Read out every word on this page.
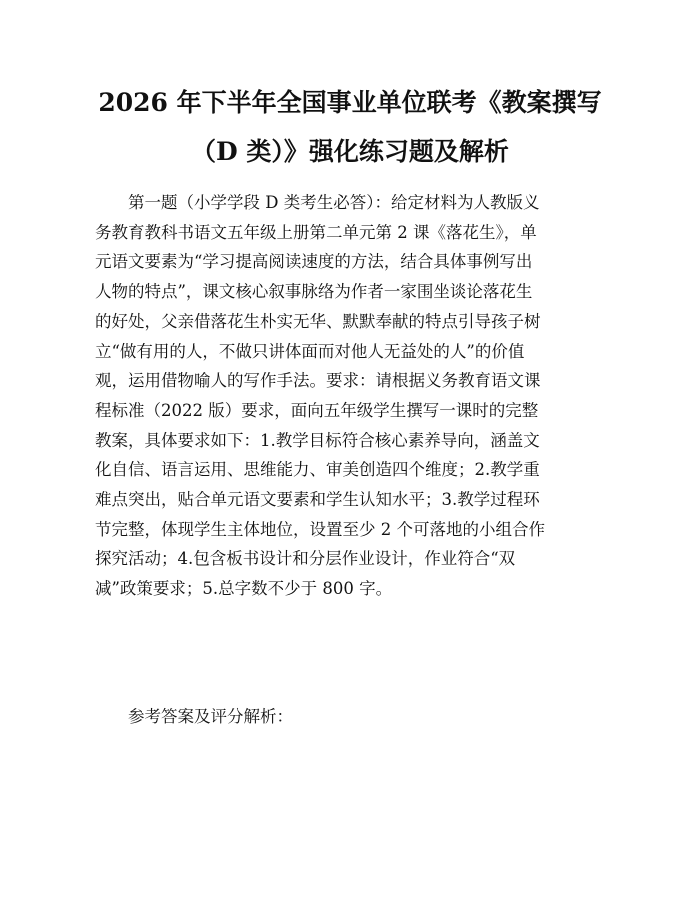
2026 年下半年全国事业单位联考《教案撰写
（D 类）》强化练习题及解析
第一题（小学学段 D 类考生必答）：给定材料为人教版义
务教育教科书语文五年级上册第二单元第 2 课《落花生》，单
元语文要素为“学习提高阅读速度的方法，结合具体事例写出
人物的特点”，课文核心叙事脉络为作者一家围坐谈论落花生
的好处，父亲借落花生朴实无华、默默奉献的特点引导孩子树
立“做有用的人，不做只讲体面而对他人无益处的人”的价值
观，运用借物喻人的写作手法。要求：请根据义务教育语文课
程标准（2022 版）要求，面向五年级学生撰写一课时的完整
教案，具体要求如下：1.教学目标符合核心素养导向，涵盖文
化自信、语言运用、思维能力、审美创造四个维度；2.教学重
难点突出，贴合单元语文要素和学生认知水平；3.教学过程环
节完整，体现学生主体地位，设置至少 2 个可落地的小组合作
探究活动；4.包含板书设计和分层作业设计，作业符合“双
减”政策要求；5.总字数不少于 800 字。

参考答案及评分解析：
